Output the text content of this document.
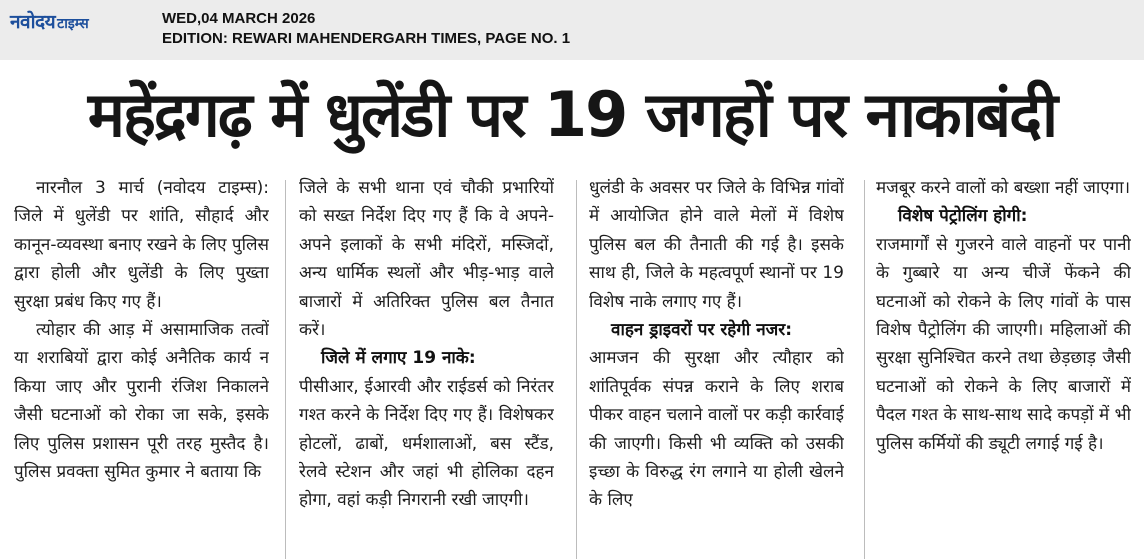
नवोदय टाइम्स	WED,04 MARCH 2026
EDITION: REWARI MAHENDERGARH TIMES, PAGE NO. 1
महेंद्रगढ़ में धुलेंडी पर 19 जगहों पर नाकाबंदी

नारनौल 3 मार्च (नवोदय टाइम्स): जिले में धुलेंडी पर शांति, सौहार्द और कानून-व्यवस्था बनाए रखने के लिए पुलिस द्वारा होली और धुलेंडी के लिए पुख्ता सुरक्षा प्रबंध किए गए हैं।

त्योहार की आड़ में असामाजिक तत्वों या शराबियों द्वारा कोई अनैतिक कार्य न किया जाए और पुरानी रंजिश निकालने जैसी घटनाओं को रोका जा सके, इसके लिए पुलिस प्रशासन पूरी तरह मुस्तैद है। पुलिस प्रवक्ता सुमित कुमार ने बताया कि

जिले के सभी थाना एवं चौकी प्रभारियों को सख्त निर्देश दिए गए हैं कि वे अपने-अपने इलाकों के सभी मंदिरों, मस्जिदों, अन्य धार्मिक स्थलों और भीड़-भाड़ वाले बाजारों में अतिरिक्त पुलिस बल तैनात करें।

जिले में लगाए 19 नाके:

पीसीआर, ईआरवी और राईडर्स को निरंतर गश्त करने के निर्देश दिए गए हैं। विशेषकर होटलों, ढाबों, धर्मशालाओं, बस स्टैंड, रेलवे स्टेशन और जहां भी होलिका दहन होगा, वहां कड़ी निगरानी रखी जाएगी।

धुलंडी के अवसर पर जिले के विभिन्न गांवों में आयोजित होने वाले मेलों में विशेष पुलिस बल की तैनाती की गई है। इसके साथ ही, जिले के महत्वपूर्ण स्थानों पर 19 विशेष नाके लगाए गए हैं।

वाहन ड्राइवरों पर रहेगी नजर:

आमजन की सुरक्षा और त्यौहार को शांतिपूर्वक संपन्न कराने के लिए शराब पीकर वाहन चलाने वालों पर कड़ी कार्रवाई की जाएगी। किसी भी व्यक्ति को उसकी इच्छा के विरुद्ध रंग लगाने या होली खेलने के लिए

मजबूर करने वालों को बख्शा नहीं जाएगा।

विशेष पेट्रोलिंग होगी:

राजमार्गों से गुजरने वाले वाहनों पर पानी के गुब्बारे या अन्य चीजें फेंकने की घटनाओं को रोकने के लिए गांवों के पास विशेष पैट्रोलिंग की जाएगी। महिलाओं की सुरक्षा सुनिश्चित करने तथा छेड़छाड़ जैसी घटनाओं को रोकने के लिए बाजारों में पैदल गश्त के साथ-साथ सादे कपड़ों में भी पुलिस कर्मियों की ड्यूटी लगाई गई है।
